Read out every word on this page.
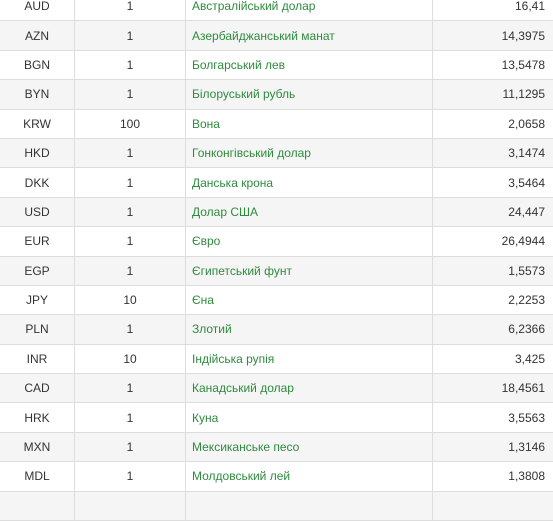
AUD	1	Австралійський долар	16,41
AZN	1	Азербайджанський манат	14,3975
BGN	1	Болгарський лев	13,5478
BYN	1	Білоруський рубль	11,1295
KRW	100	Вона	2,0658
HKD	1	Гонконгівський долар	3,1474
DKK	1	Данська крона	3,5464
USD	1	Долар США	24,447
EUR	1	Євро	26,4944
EGP	1	Єгипетський фунт	1,5573
JPY	10	Єна	2,2253
PLN	1	Злотий	6,2366
INR	10	Індійська рупія	3,425
CAD	1	Канадський долар	18,4561
HRK	1	Куна	3,5563
MXN	1	Мексиканське песо	1,3146
MDL	1	Молдовський лей	1,3808
